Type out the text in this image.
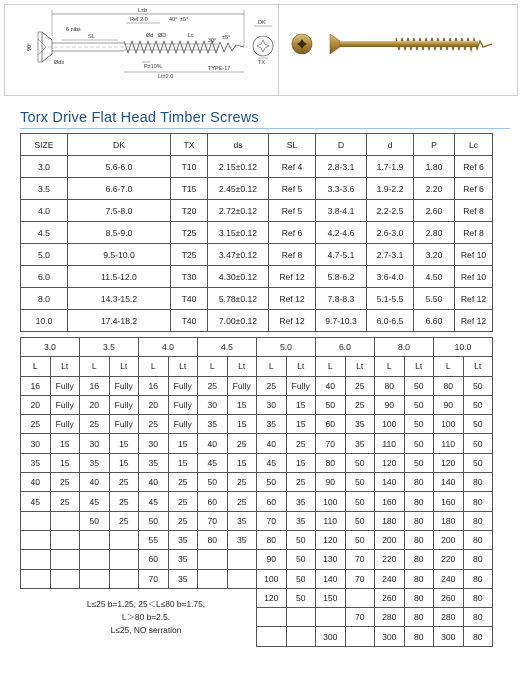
L±b
Ref 2.0	40° ±5°
6 nibs
90°
SL	Ød ØD	Lc
30° ±5°
P±10%
Lt±2.0
TYPE-17
Øds
DK
TX
Torx Drive Flat Head Timber Screws
SIZE	DK	TX	ds	SL	D	d	P	Lc
3.0	5.6-6.0	T10	2.15±0.12	Ref 4	2.8-3.1	1.7-1.9	1.80	Ref 6
3.5	6.6-7.0	T15	2.45±0.12	Ref 5	3.3-3.6	1.9-2.2	2.20	Ref 6
4.0	7.5-8.0	T20	2.72±0.12	Ref 5	3.8-4.1	2.2-2.5	2.60	Ref 8
4.5	8.5-9.0	T25	3.15±0.12	Ref 6	4.2-4.6	2.6-3.0	2.80	Ref 8
5.0	9.5-10.0	T25	3.47±0.12	Ref 8	4.7-5.1	2.7-3.1	3.20	Ref 10
6.0	11.5-12.0	T30	4.30±0.12	Ref 12	5.8-6.2	3.6-4.0	4.50	Ref 10
8.0	14.3-15.2	T40	5.78±0.12	Ref 12	7.8-8.3	5.1-5.5	5.50	Ref 12
10.0	17.4-18.2	T40	7.00±0.12	Ref 12	9.7-10.3	6.0-6.5	6.60	Ref 12
3.0		3.5		4.0		4.5		5.0		6.0		8.0		10.0	
L	Lt	L	Lt	L	Lt	L	Lt	L	Lt	L	Lt	L	Lt	L	Lt
16	Fully	16	Fully	16	Fully	25	Fully	25	Fully	40	25	80	50	80	50
20	Fully	20	Fully	20	Fully	30	15	30	15	50	25	90	50	90	50
25	Fully	25	Fully	25	Fully	35	15	35	15	60	35	100	50	100	50
30	15	30	15	30	15	40	25	40	25	70	35	110	50	110	50
35	15	35	15	35	15	45	15	45	15	80	50	120	50	120	50
40	25	40	25	40	25	50	25	50	25	90	50	140	80	140	80
45	25	45	25	45	25	60	25	60	35	100	50	160	80	160	80
		50	25	50	25	70	35	70	35	110	50	180	80	180	80
				55	35	80	35	80	50	120	50	200	80	200	80
				60	35			90	50	130	70	220	80	220	80
				70	35			100	50	140	70	240	80	240	80
								120	50	150		260	80	260	80
											70	280	80	280	80
										300		300	80	300	80
L≤25 b=1.25; 25＜L≤80 b=1.75;
L＞80 b=2.5.
L≤25, NO serration
